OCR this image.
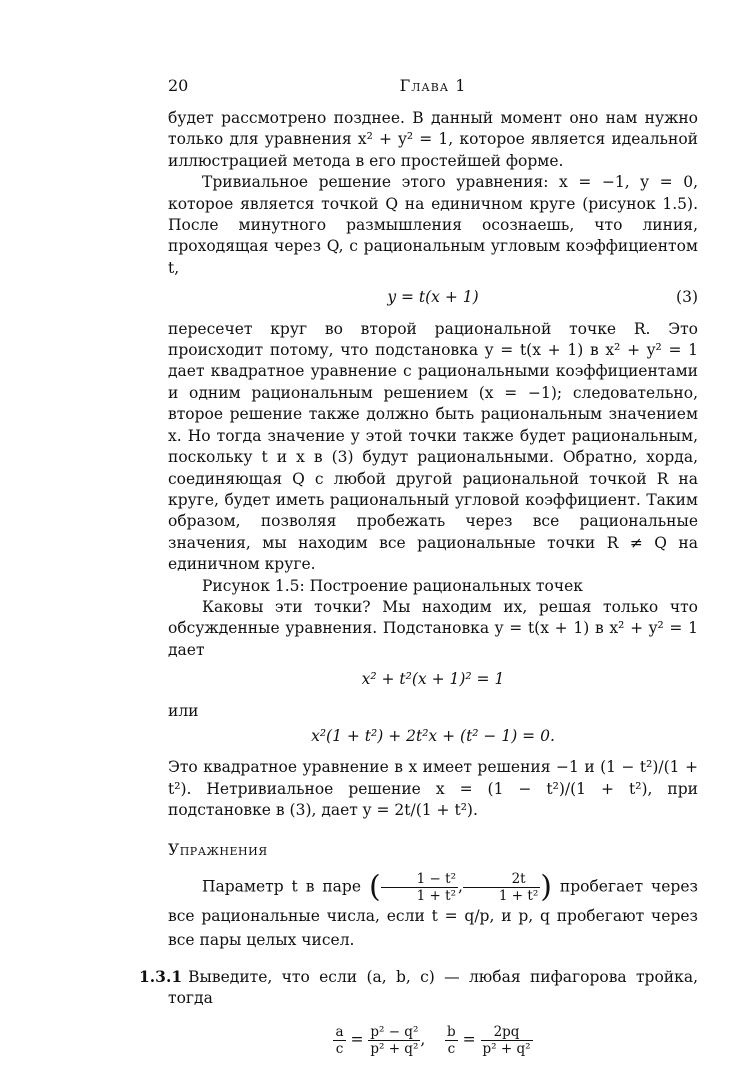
20	Глава 1

будет рассмотрено позднее. В данный момент оно нам нужно только для уравнения x² + y² = 1, которое является идеальной иллюстрацией метода в его простейшей форме.

Тривиальное решение этого уравнения: x = −1, y = 0, которое является точкой Q на единичном круге (рисунок 1.5). После минутного размышления осознаешь, что линия, проходящая через Q, с рациональным угловым коэффициентом t,

y = t(x + 1)	(3)

пересечет круг во второй рациональной точке R. Это происходит потому, что подстановка y = t(x + 1) в x² + y² = 1 дает квадратное уравнение с рациональными коэффициентами и одним рациональным решением (x = −1); следовательно, второе решение также должно быть рациональным значением x. Но тогда значение y этой точки также будет рациональным, поскольку t и x в (3) будут рациональными. Обратно, хорда, соединяющая Q с любой другой рациональной точкой R на круге, будет иметь рациональный угловой коэффициент. Таким образом, позволяя пробежать через все рациональные значения, мы находим все рациональные точки R ≠ Q на единичном круге.

Рисунок 1.5: Построение рациональных точек

Каковы эти точки? Мы находим их, решая только что обсужденные уравнения. Подстановка y = t(x + 1) в x² + y² = 1 дает

x² + t²(x + 1)² = 1

или

x²(1 + t²) + 2t²x + (t² − 1) = 0.

Это квадратное уравнение в x имеет решения −1 и (1 − t²)/(1 + t²). Нетривиальное решение x = (1 − t²)/(1 + t²), при подстановке в (3), дает y = 2t/(1 + t²).

Упражнения

Параметр t в паре ( $\frac{\text{1 − t²}}{\text{1 + t²}}$ , $\frac{2t}{\text{1 + t²}}$ ) пробегает через все рациональные числа, если t = q/p, и p, q пробегают через все пары целых чисел.

1.3.1 Выведите, что если (a, b, c) — любая пифагорова тройка, тогда

$\frac{a}{c} = \frac{\text{p² − q²}}{\text{p² + q²}}$ , $\frac{b}{c} = \frac{2pq}{\text{p² + q²}}$
